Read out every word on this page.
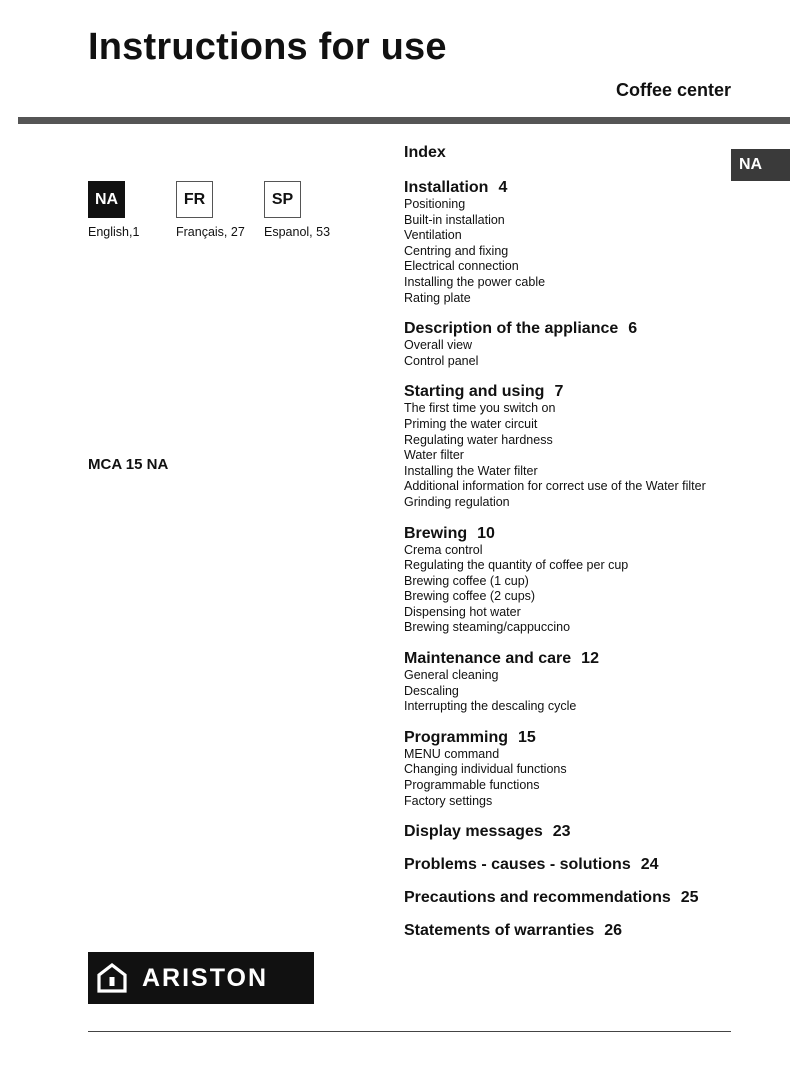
Instructions for use
Coffee center
NA
NA	FR	SP
English,1	Français, 27 Espanol, 53
MCA 15 NA
Index
Installation 4
Positioning
Built-in installation
Ventilation
Centring and fixing
Electrical connection
Installing the power cable
Rating plate
Description of the appliance 6
Overall view
Control panel
Starting and using 7
The first time you switch on
Priming the water circuit
Regulating water hardness
Water filter
Installing the Water filter
Additional information for correct use of the Water filter
Grinding regulation
Brewing 10
Crema control
Regulating the quantity of coffee per cup
Brewing coffee (1 cup)
Brewing coffee (2 cups)
Dispensing hot water
Brewing steaming/cappuccino
Maintenance and care 12
General cleaning
Descaling
Interrupting the descaling cycle
Programming 15
MENU command
Changing individual functions
Programmable functions
Factory settings
Display messages 23
Problems - causes - solutions 24
Precautions and recommendations 25
Statements of warranties 26
ARISTON
